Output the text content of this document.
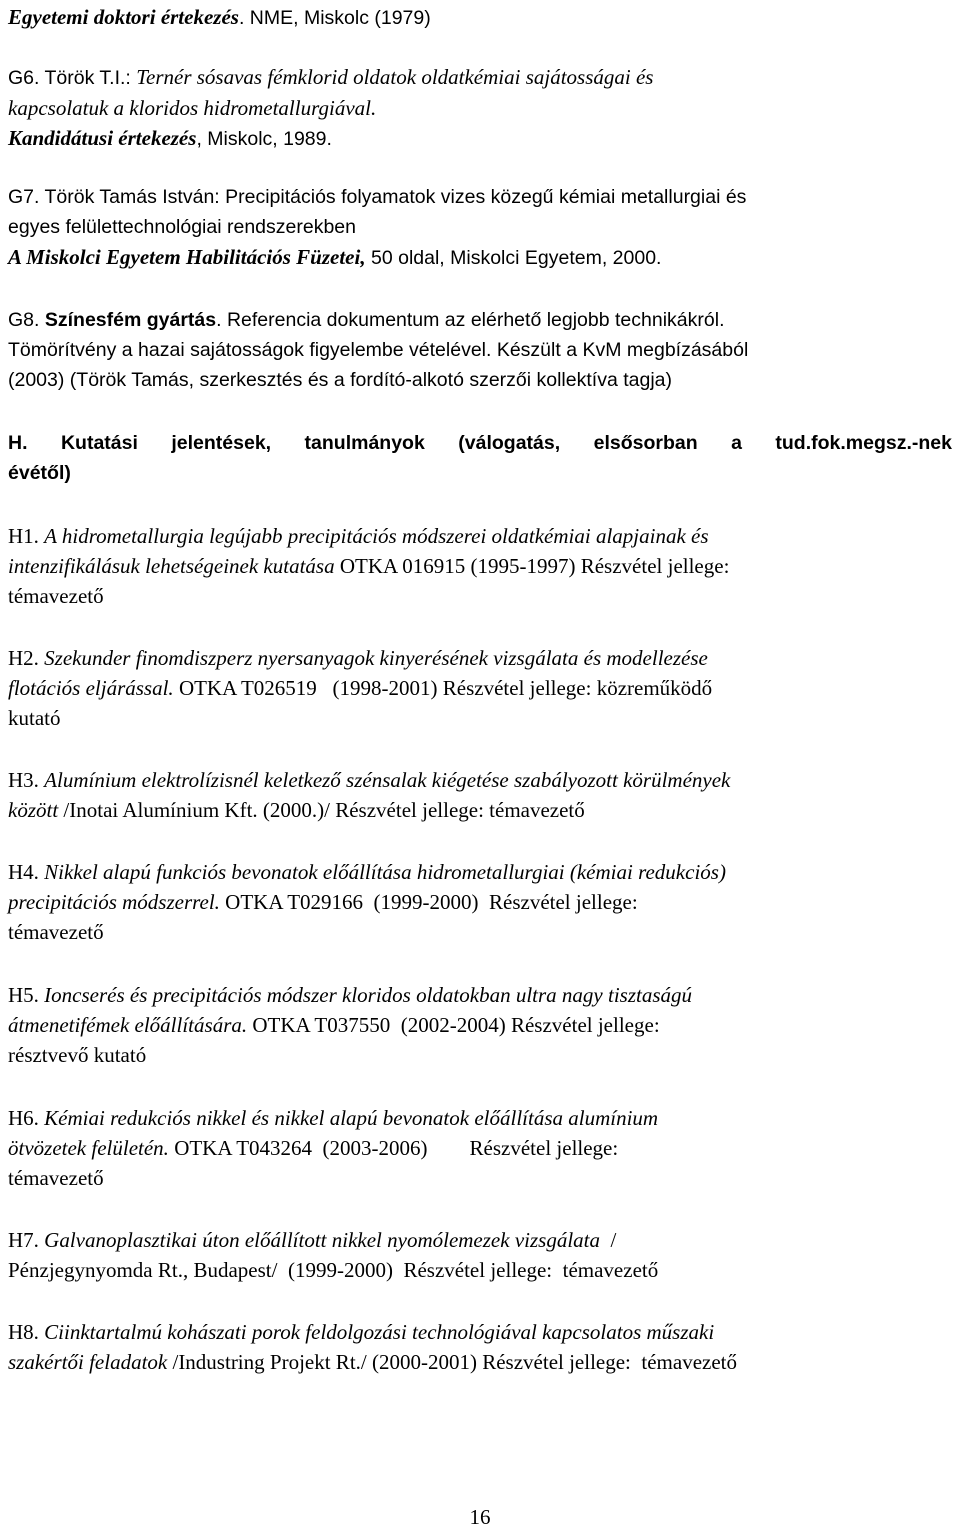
Egyetemi doktori értekezés. NME, Miskolc (1979)
G6. Török T.I.: Ternér sósavas fémklorid oldatok oldatkémiai sajátosságai és
kapcsolatuk a kloridos hidrometallurgiával.
Kandidátusi értekezés, Miskolc, 1989.
G7. Török Tamás István: Precipitációs folyamatok vizes közegű kémiai metallurgiai és
egyes felülettechnológiai rendszerekben
A Miskolci Egyetem Habilitációs Füzetei, 50 oldal, Miskolci Egyetem, 2000.
G8. Színesfém gyártás. Referencia dokumentum az elérhető legjobb technikákról.
Tömörítvény a hazai sajátosságok figyelembe vételével. Készült a KvM megbízásából
(2003) (Török Tamás, szerkesztés és a fordító-alkotó szerzői kollektíva tagja)
H. Kutatási jelentések, tanulmányok (válogatás, elsősorban a tud.fok.megsz.-nek
évétől)
H1. A hidrometallurgia legújabb precipitációs módszerei oldatkémiai alapjainak és
intenzifikálásuk lehetségeinek kutatása OTKA 016915 (1995-1997) Részvétel jellege:
témavezető
H2. Szekunder finomdiszperz nyersanyagok kinyerésének vizsgálata és modellezése
flotációs eljárással. OTKA T026519   (1998-2001) Részvétel jellege: közreműködő
kutató
H3. Alumínium elektrolízisnél keletkező szénsalak kiégetése szabályozott körülmények
között /Inotai Alumínium Kft. (2000.)/ Részvétel jellege: témavezető
H4. Nikkel alapú funkciós bevonatok előállítása hidrometallurgiai (kémiai redukciós)
precipitációs módszerrel. OTKA T029166  (1999-2000)  Részvétel jellege:
témavezető
H5. Ioncserés és precipitációs módszer kloridos oldatokban ultra nagy tisztaságú
átmenetifémek előállítására. OTKA T037550  (2002-2004) Részvétel jellege:
résztvevő kutató
H6. Kémiai redukciós nikkel és nikkel alapú bevonatok előállítása alumínium
ötvözetek felületén. OTKA T043264  (2003-2006)        Részvétel jellege:
témavezető
H7. Galvanoplasztikai úton előállított nikkel nyomólemezek vizsgálata  /
Pénzjegynyomda Rt., Budapest/  (1999-2000)  Részvétel jellege:  témavezető
H8. Ciinktartalmú kohászati porok feldolgozási technológiával kapcsolatos műszaki
szakértői feladatok /Industring Projekt Rt./ (2000-2001) Részvétel jellege:  témavezető
16
